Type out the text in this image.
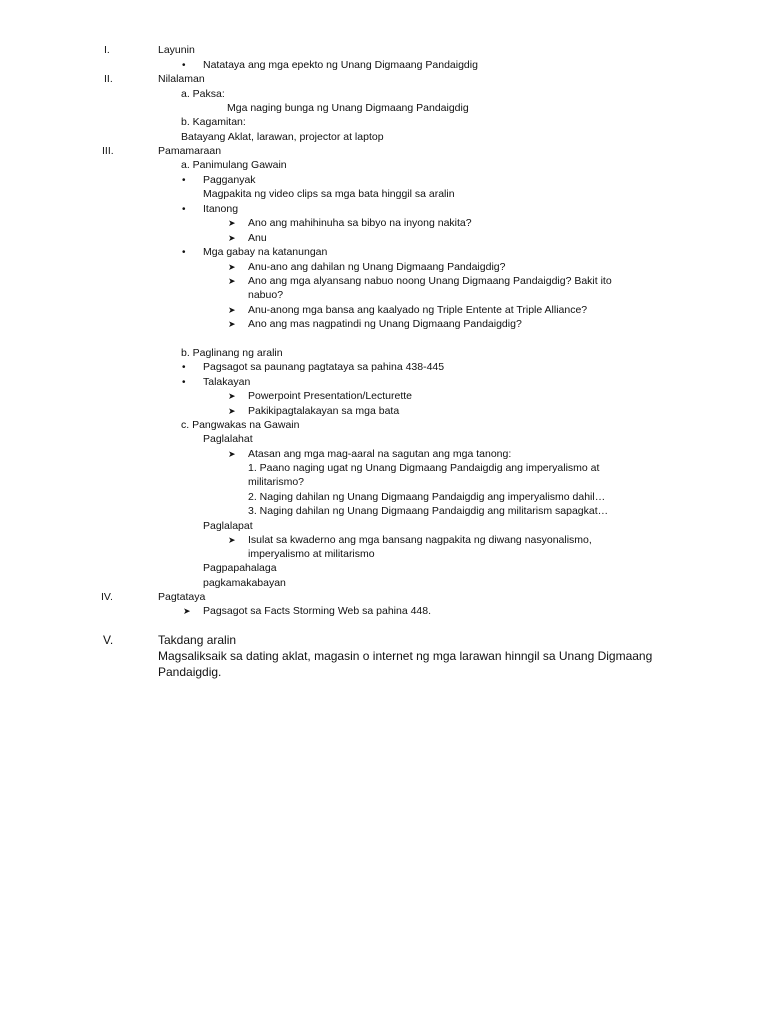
I.	Layunin
• Natataya ang mga epekto ng Unang Digmaang Pandaigdig
II.	Nilalaman
a. Paksa:
Mga naging bunga ng Unang Digmaang Pandaigdig
b. Kagamitan:
Batayang Aklat, larawan, projector at laptop
III.	Pamamaraan
a. Panimulang Gawain
• Pagganyak
Magpakita ng video clips sa mga bata hinggil sa aralin
• Itanong
➤ Ano ang mahihinuha sa bibyo na inyong nakita?
➤ Anu
• Mga gabay na katanungan
➤ Anu-ano ang dahilan ng Unang Digmaang Pandaigdig?
➤ Ano ang mga alyansang nabuo noong Unang Digmaang Pandaigdig? Bakit ito
nabuo?
➤ Anu-anong mga bansa ang kaalyado ng Triple Entente at Triple Alliance?
➤ Ano ang mas nagpatindi ng Unang Digmaang Pandaigdig?
b. Paglinang ng aralin
• Pagsagot sa paunang pagtataya sa pahina 438-445
• Talakayan
➤ Powerpoint Presentation/Lecturette
➤ Pakikipagtalakayan sa mga bata
c. Pangwakas na Gawain
Paglalahat
➤ Atasan ang mga mag-aaral na sagutan ang mga tanong:
1. Paano naging ugat ng Unang Digmaang Pandaigdig ang imperyalismo at
militarismo?
2. Naging dahilan ng Unang Digmaang Pandaigdig ang imperyalismo dahil…
3. Naging dahilan ng Unang Digmaang Pandaigdig ang militarism sapagkat…
Paglalapat
➤ Isulat sa kwaderno ang mga bansang nagpakita ng diwang nasyonalismo,
imperyalismo at militarismo
Pagpapahalaga
pagkamakabayan
IV.	Pagtataya
➤ Pagsagot sa Facts Storming Web sa pahina 448.
V.	Takdang aralin
Magsaliksaik sa dating aklat, magasin o internet ng mga larawan hinngil sa Unang Digmaang
Pandaigdig.
